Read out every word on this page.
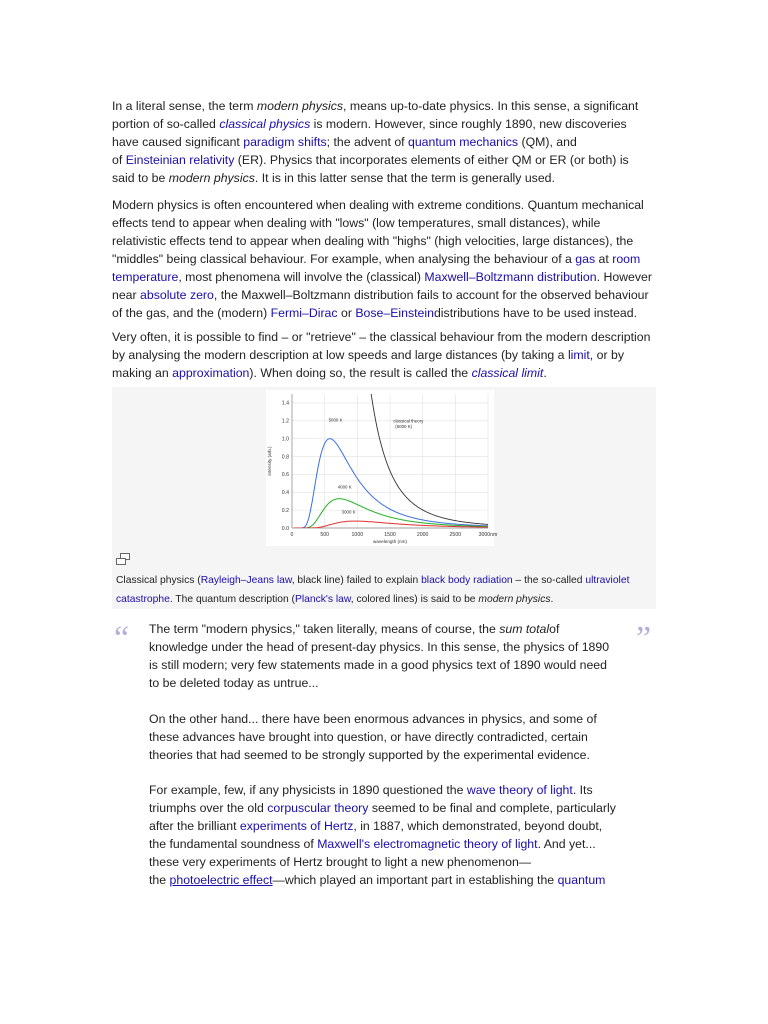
In a literal sense, the term modern physics, means up-to-date physics. In this sense, a significant
portion of so-called classical physics is modern. However, since roughly 1890, new discoveries
have caused significant paradigm shifts; the advent of quantum mechanics (QM), and
of Einsteinian relativity (ER). Physics that incorporates elements of either QM or ER (or both) is
said to be modern physics. It is in this latter sense that the term is generally used.

Modern physics is often encountered when dealing with extreme conditions. Quantum mechanical
effects tend to appear when dealing with "lows" (low temperatures, small distances), while
relativistic effects tend to appear when dealing with "highs" (high velocities, large distances), the
"middles" being classical behaviour. For example, when analysing the behaviour of a gas at room
temperature, most phenomena will involve the (classical) Maxwell–Boltzmann distribution. However
near absolute zero, the Maxwell–Boltzmann distribution fails to account for the observed behaviour
of the gas, and the (modern) Fermi–Dirac or Bose–Einsteindistributions have to be used instead.

Very often, it is possible to find – or "retrieve" – the classical behaviour from the modern description
by analysing the modern description at low speeds and large distances (by taking a limit, or by
making an approximation). When doing so, the result is called the classical limit.

0	500	1000	1500	2000	2500	3000nm
0.0
0.2
0.4
0.6
0.8
1.0
1.2
1.4
wavelength (nm)
intensity (arb.)
5000 K
4000 K
3000 K
classical theory
(5000 K)
Classical physics (Rayleigh–Jeans law, black line) failed to explain black body radiation – the so-called ultraviolet
catastrophe. The quantum description (Planck's law, colored lines) is said to be modern physics.
“	”

The term "modern physics," taken literally, means of course, the sum totalof
knowledge under the head of present-day physics. In this sense, the physics of 1890
is still modern; very few statements made in a good physics text of 1890 would need
to be deleted today as untrue...

On the other hand... there have been enormous advances in physics, and some of
these advances have brought into question, or have directly contradicted, certain
theories that had seemed to be strongly supported by the experimental evidence.

For example, few, if any physicists in 1890 questioned the wave theory of light. Its
triumphs over the old corpuscular theory seemed to be final and complete, particularly
after the brilliant experiments of Hertz, in 1887, which demonstrated, beyond doubt,
the fundamental soundness of Maxwell's electromagnetic theory of light. And yet...
these very experiments of Hertz brought to light a new phenomenon—
the photoelectric effect—which played an important part in establishing the quantum
